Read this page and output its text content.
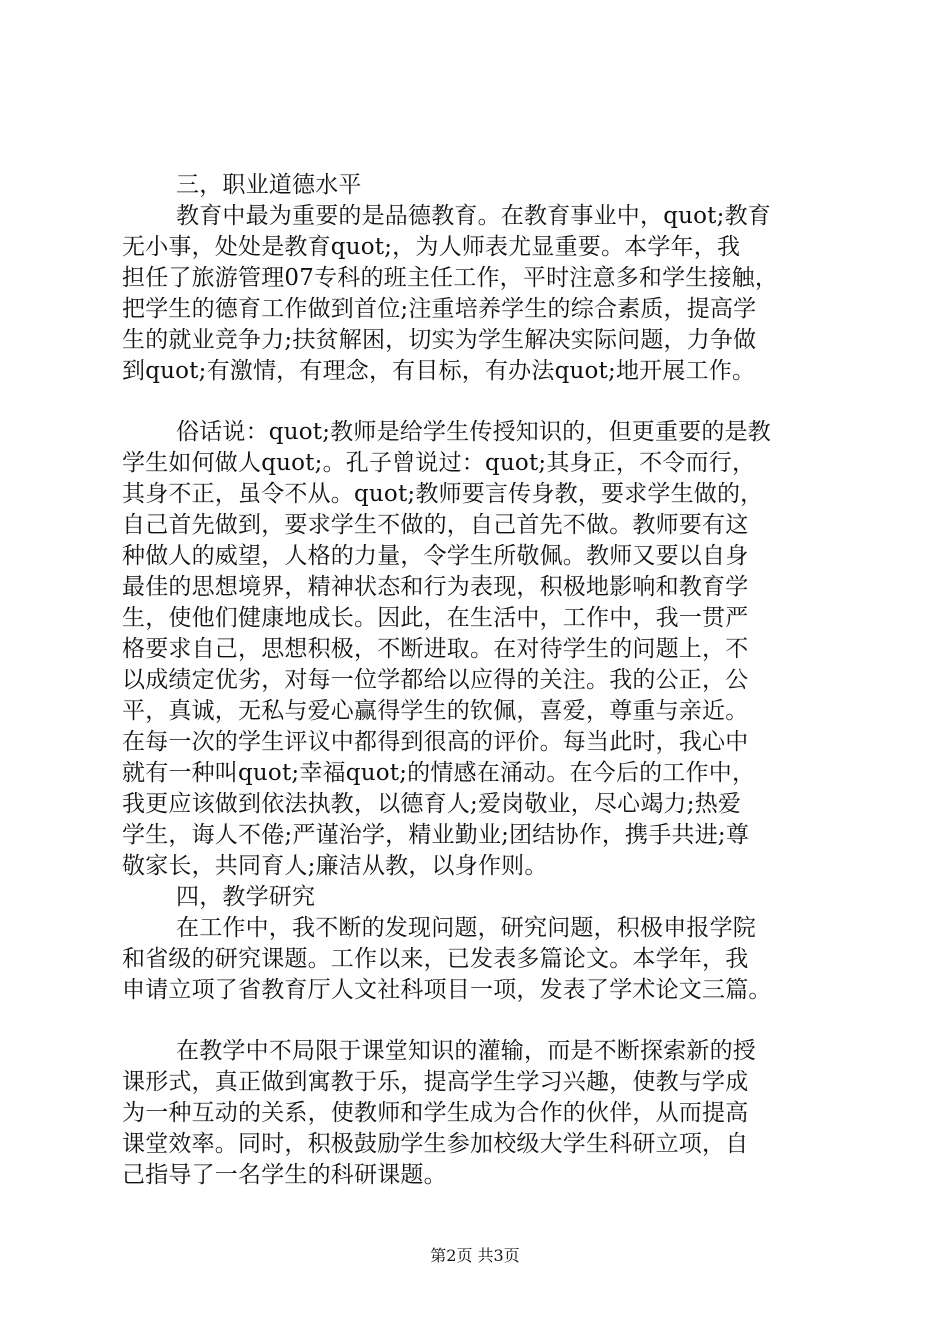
三，职业道德水平
教育中最为重要的是品德教育。在教育事业中，quot;教育
无小事，处处是教育quot;，为人师表尤显重要。本学年，我
担任了旅游管理07专科的班主任工作，平时注意多和学生接触，
把学生的德育工作做到首位;注重培养学生的综合素质，提高学
生的就业竞争力;扶贫解困，切实为学生解决实际问题，力争做
到quot;有激情，有理念，有目标，有办法quot;地开展工作。
俗话说：quot;教师是给学生传授知识的，但更重要的是教
学生如何做人quot;。孔子曾说过：quot;其身正，不令而行，
其身不正，虽令不从。quot;教师要言传身教，要求学生做的，
自己首先做到，要求学生不做的，自己首先不做。教师要有这
种做人的威望，人格的力量，令学生所敬佩。教师又要以自身
最佳的思想境界，精神状态和行为表现，积极地影响和教育学
生，使他们健康地成长。因此，在生活中，工作中，我一贯严
格要求自己，思想积极，不断进取。在对待学生的问题上，不
以成绩定优劣，对每一位学都给以应得的关注。我的公正，公
平，真诚，无私与爱心赢得学生的钦佩，喜爱，尊重与亲近。
在每一次的学生评议中都得到很高的评价。每当此时，我心中
就有一种叫quot;幸福quot;的情感在涌动。在今后的工作中，
我更应该做到依法执教，以德育人;爱岗敬业，尽心竭力;热爱
学生，诲人不倦;严谨治学，精业勤业;团结协作，携手共进;尊
敬家长，共同育人;廉洁从教，以身作则。
四，教学研究
在工作中，我不断的发现问题，研究问题，积极申报学院
和省级的研究课题。工作以来，已发表多篇论文。本学年，我
申请立项了省教育厅人文社科项目一项，发表了学术论文三篇。
在教学中不局限于课堂知识的灌输，而是不断探索新的授
课形式，真正做到寓教于乐，提高学生学习兴趣，使教与学成
为一种互动的关系，使教师和学生成为合作的伙伴，从而提高
课堂效率。同时，积极鼓励学生参加校级大学生科研立项，自
己指导了一名学生的科研课题。
第2页 共3页
